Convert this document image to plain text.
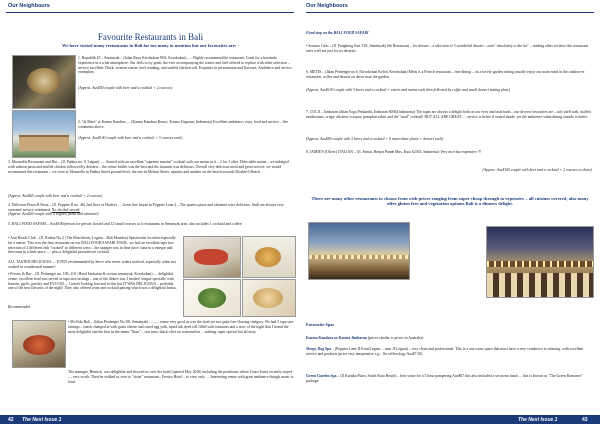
Our Neighbours
Favourite Restaurants in Bali
We have visited many restaurants in Bali far too many to mention but our favourites are: -

1. Republik 45 – Seminyak – (Jalan Raya Kerobokan 80A, Kerobokan) ..... Highly recommend the restaurant. Great for a hacienda experience in a wide atmosphere. Our feels to try great, the ever accompanying the waiter and chef offered to replace with other selection – service excellent. Duck, western starter, beef rendang, and stuffed chicken roll. Exquisite in presentation and flavours. Ambience and service exemplary.

(Approx. Aus$50 couple with beer and a cocktail + 2 courses)

2. "di Mare" at Karma Kandara .... (Karma Kandara Resort, Karma Ungasan, Indonesia) Excellent ambience, vista, food and service – See comments above.

(Approx. Aus$100 couple with beer and a cocktail + 3 courses each)

3. Mozarella Restaurant and Bar – (Jl. Padma no. 9, Legian) ..... Started with an excellent "supreme martini" cocktail with our mains in it – 2 for 1 offer. Delectable mains – we indulged with salmon pasta and stuffed chicken followed by desserts – the crème brûlée was the best and the tiramisu was delicious. Overall very delicious meal and great service, we would recommend this restaurant – we were at Mozarella in Padma Street ground level, the one in Melasti Street, upstairs and another on the beach towards Double 6 Beach.

(Approx. Aus$65 couple with beer and a cocktail + 2 courses)

4. Delicious Pizza & Pasta – (Jl. Poppies II no. 46) 2nd floor of Hurley) .... Great fine bayan in Poppies Lane 2 – The quattro pizza and calamari were delicious. Staff are always very customer service orientated. No alcohol served.

(Approx. Aus$20 couple with 2 coffees, pizza and calamari)

5. BALI FOOD SAFARI – Aus$100/person for private, hosted and 12 small courses at 4 restaurants in Seminyak area, also includes 1 cocktail and coffee:

• Anti Beach Club – (Jl. Padma No 2 | The Beachfront, Legian – Bali Mandira) Spectacular location especially for a sunset. This was the first restaurant on our BALI FOOD SAFARI TOUR– we had an excellent tapa size selection of 2 different fish "cooked" in different ways – the snapper was in lime juice, tuna in a vinegar and then tuna in a dark sauce ..... plus a delightful passionfruit cocktail.

ALL TASTED DELICIOUS .... EVEN recommended by Steve who never orders seafood, especially when not cooked in a traditional manner!

• Frestro & Bar – (Jl. Petitenget no. 109–110 | Hotel Jimbaran & oceans seminyak, Kerobokan) .... delightful venue, excellent food was served as tapa size tastings – one of the dishes was 3 modes! tongue specially with lemons, garlic, parsley and EVO OIL – I wasn't looking forward to this but IT WAS DELICIOUS – probably one of the best flavours of the night! They also offered wine and cocktail pairing which was a delightful bonus.

Recommended.

• MoVida Bali – (Jalan Petitenget No 5B, Seminyak) .......... venue very good as was the food yet not quite free-flowing category. We had 3 tapa size tastings – snack changed at with goats cheese and cured egg yolk, squid ink dyed roll filled with tomatoes and a stew of the night that I found the most delightful and the best in the menu "Atun" – raw tuna, black olive on watermelon ... nothing super special but all tasty.

The manager, Henrick, was delightful and showed us over the hotel (opened May 2016) including the penthouse where Grace Jones recently stayed .... very swish. Then he walked us over to "sister" restaurant– Frestro Hotel – to view only .... Interesting venue with great ambience though music is loud.

42 The Nest Issue 1
Our Neighbours

Final stop on the BALI FOOD SAFARI

• Sotumo Gelo – (Jl. Pangkung Sari 13X, Seminyak) 6th Restaurant – for dessert – a selection of 5 wonderful dessert – each "absolutely to die for" – reading other reviews this restaurant rates well not just for its desserts.

6. METIS – (Jalan Petitenget no.6 | Kerobokan Kelod, Kerobokan) Metis is a French restaurant – fine dining – on a lovely garden setting usually enjoy our main meal in the outdoor-er restaurant, coffee and dessert on decor near the garden.

(Approx. Aus$130 couple with 5 beers and a cocktail + entrée and mains each then followed by coffee and small dessert tasting plate)

7. CUCA – Jimbaran (Jalan Yoga Perkanthi, Jimbaran 80364 Indonesia) The tapas are always a delight both on our eyes and taste buds – our diverse favourites are – soft shell crab, stuffed mushrooms, crispy chicken, octopus, pumpkin salad, and the "mod" cocktail! BUT ALL ARE GREAT .... service is better if seated inside, yet the ambience when dining outside is better.

(Approx. Aus$90 couple with 3 beers and a cocktail + 6 main share plates + dessert each)

8. JAMIE'S (Oliver) ITALIAN – (Jl. Pantai, Benjar Pande Mas, Kuta 62361, Indonesia) Very nice but expensive !!!

(Approx. Aus$100 couple with beer and a cocktail + 2 courses to share)

There are many other restaurants to choose from with prices ranging from super cheap through to expensive – all cuisines covered, also many offer gluten free and vegetarian options Bali is a dinners delight.
Favourite Spas

Karma Kandara or Karma Jimbaran (prices similar to prices in Australia)

Sleepy Dog Spa – (Poppies Lane II Kuta/Legian ... near JI Legian) – very clean and professional. This is a one room space that must have a very conducive to relaxing, with excellent service and products (price very inexpensive e.g.: 1hr reflexology Aus$7.50)

Green Garden Spa – (Jl Kartika Plaza, South Kuta Beach) – best value for a 5 hour pampering Aus$67 this also included a set menu lunch ... this is known as "The Green Romance" package.

The Nest Issue 1	43
